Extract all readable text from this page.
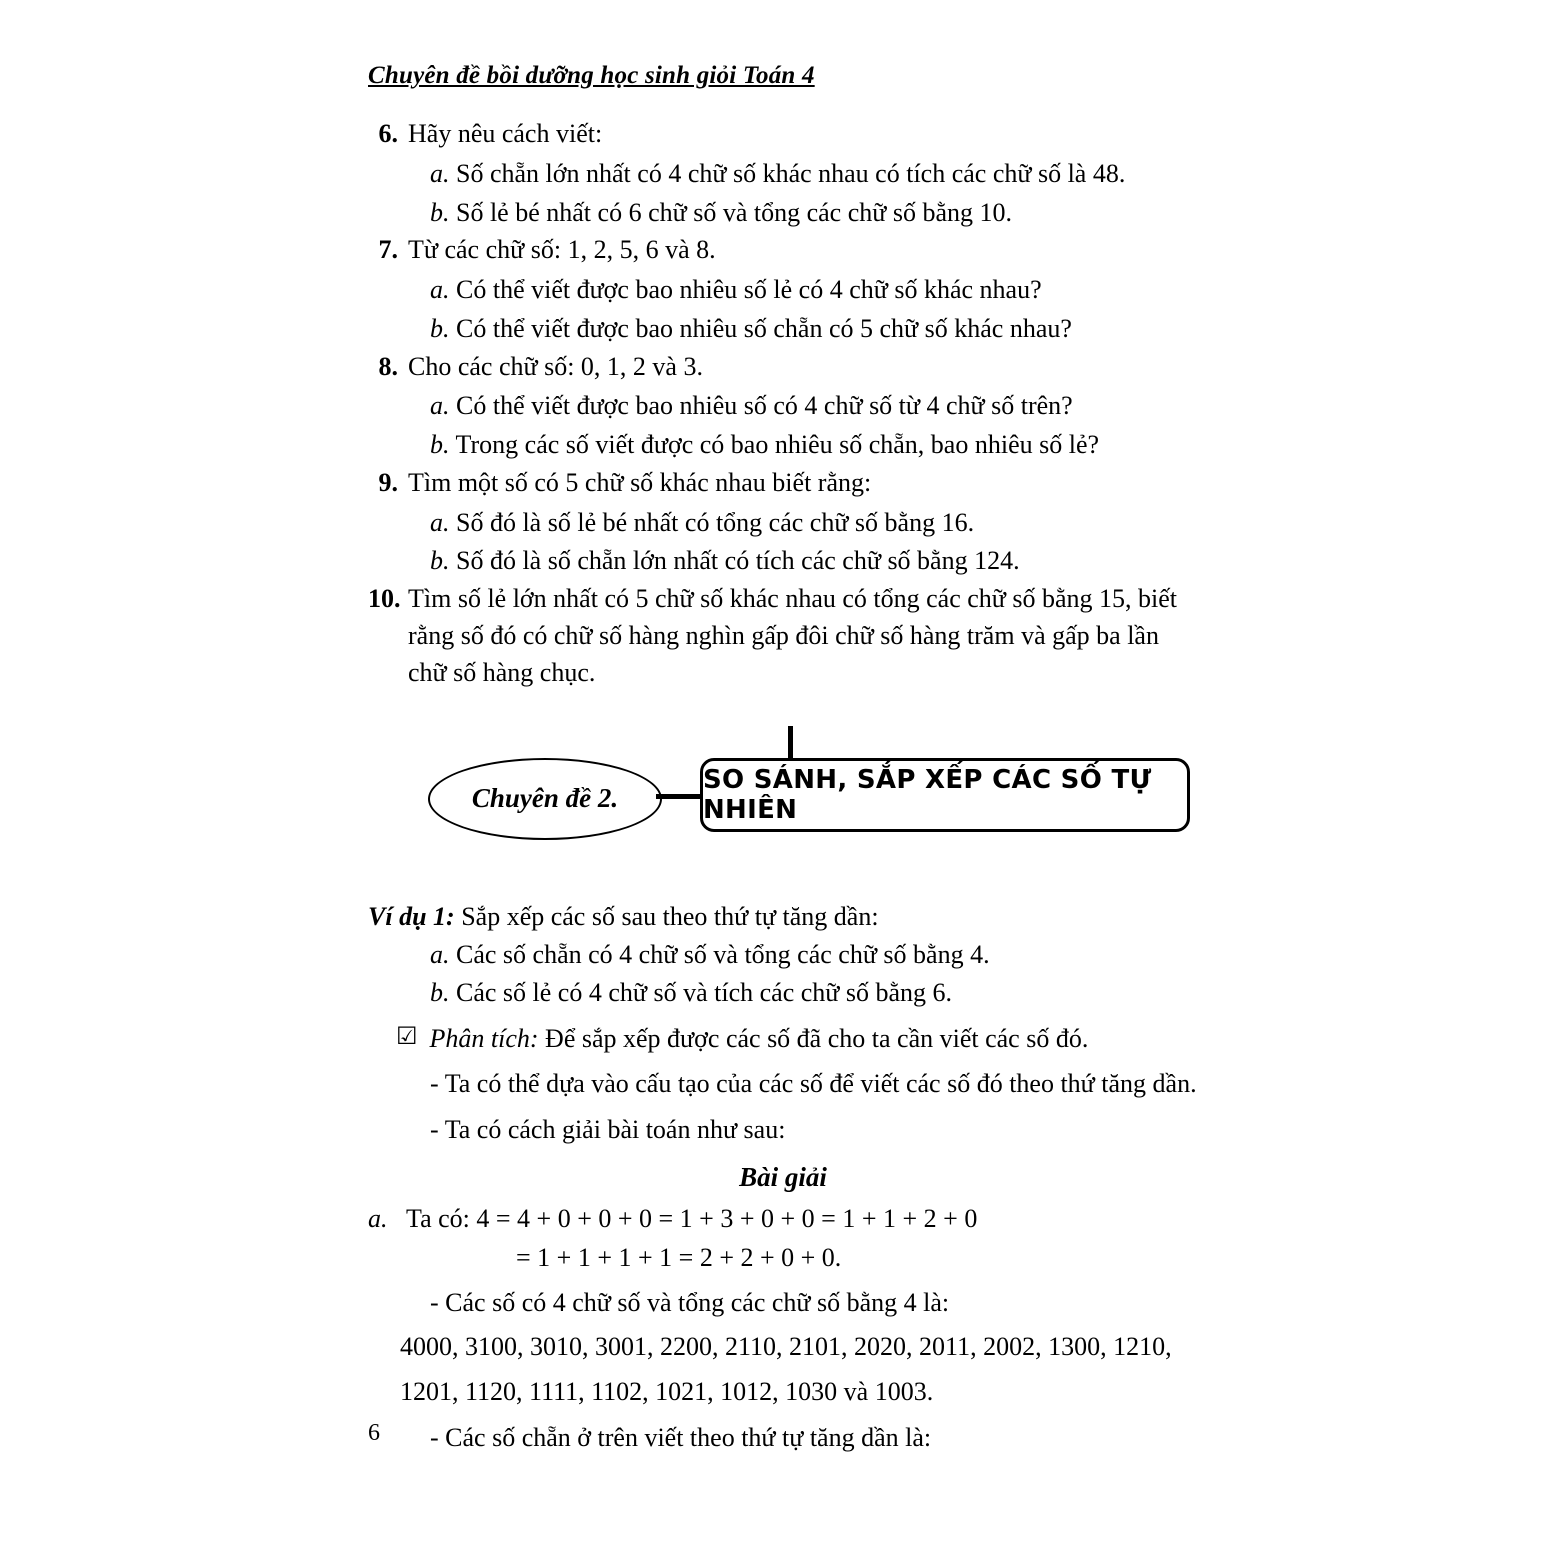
Chuyên đề bồi dưỡng học sinh giỏi Toán 4
6. Hãy nêu cách viết:
a. Số chẵn lớn nhất có 4 chữ số khác nhau có tích các chữ số là 48.
b. Số lẻ bé nhất có 6 chữ số và tổng các chữ số bằng 10.
7. Từ các chữ số: 1, 2, 5, 6 và 8.
a. Có thể viết được bao nhiêu số lẻ có 4 chữ số khác nhau?
b. Có thể viết được bao nhiêu số chẵn có 5 chữ số khác nhau?
8. Cho các chữ số: 0, 1, 2 và 3.
a. Có thể viết được bao nhiêu số có 4 chữ số từ 4 chữ số trên?
b. Trong các số viết được có bao nhiêu số chẵn, bao nhiêu số lẻ?
9. Tìm một số có 5 chữ số khác nhau biết rằng:
a. Số đó là số lẻ bé nhất có tổng các chữ số bằng 16.
b. Số đó là số chẵn lớn nhất có tích các chữ số bằng 124.
10. Tìm số lẻ lớn nhất có 5 chữ số khác nhau có tổng các chữ số bằng 15, biết rằng số đó có chữ số hàng nghìn gấp đôi chữ số hàng trăm và gấp ba lần chữ số hàng chục.
Chuyên đề 2.
SO SÁNH, SẮP XẾP CÁC SỐ TỰ NHIÊN
Ví dụ 1: Sắp xếp các số sau theo thứ tự tăng dần:
a. Các số chẵn có 4 chữ số và tổng các chữ số bằng 4.
b. Các số lẻ có 4 chữ số và tích các chữ số bằng 6.
☑ Phân tích: Để sắp xếp được các số đã cho ta cần viết các số đó.
- Ta có thể dựa vào cấu tạo của các số để viết các số đó theo thứ tăng dần.
- Ta có cách giải bài toán như sau:
Bài giải
a. Ta có: 4 = 4 + 0 + 0 + 0 = 1 + 3 + 0 + 0 = 1 + 1 + 2 + 0
= 1 + 1 + 1 + 1 = 2 + 2 + 0 + 0.
- Các số có 4 chữ số và tổng các chữ số bằng 4 là:
4000, 3100, 3010, 3001, 2200, 2110, 2101, 2020, 2011, 2002, 1300, 1210,
1201, 1120, 1111, 1102, 1021, 1012, 1030 và 1003.
- Các số chẵn ở trên viết theo thứ tự tăng dần là:
6
